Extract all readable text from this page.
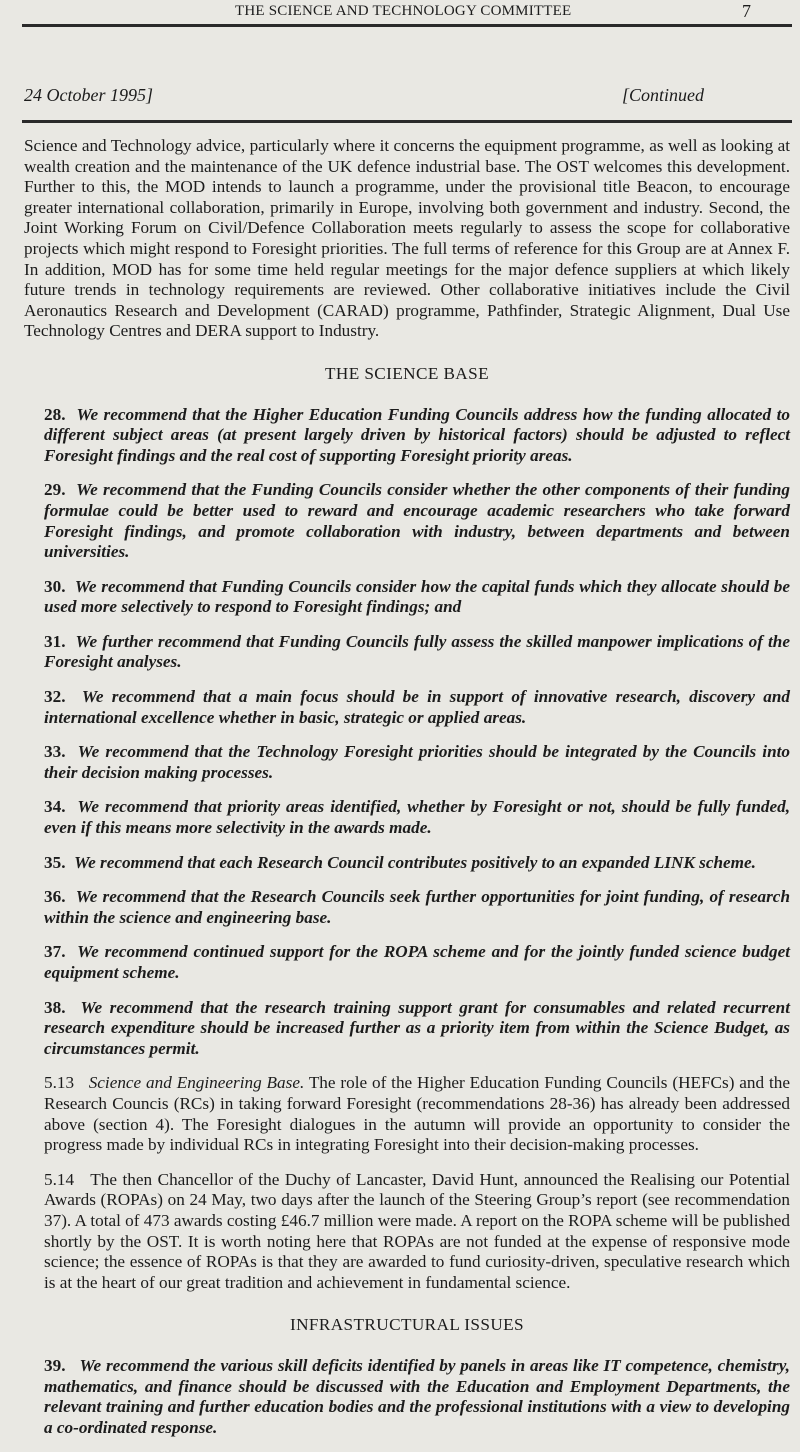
THE SCIENCE AND TECHNOLOGY COMMITTEE	7
24 October 1995]	[Continued

Science and Technology advice, particularly where it concerns the equipment programme, as well as looking at wealth creation and the maintenance of the UK defence industrial base. The OST welcomes this development. Further to this, the MOD intends to launch a programme, under the provisional title Beacon, to encourage greater international collaboration, primarily in Europe, involving both government and industry. Second, the Joint Working Forum on Civil/Defence Collaboration meets regularly to assess the scope for collaborative projects which might respond to Foresight priorities. The full terms of reference for this Group are at Annex F. In addition, MOD has for some time held regular meetings for the major defence suppliers at which likely future trends in technology requirements are reviewed. Other collaborative initiatives include the Civil Aeronautics Research and Development (CARAD) programme, Pathfinder, Strategic Alignment, Dual Use Technology Centres and DERA support to Industry.

THE SCIENCE BASE

28. We recommend that the Higher Education Funding Councils address how the funding allocated to different subject areas (at present largely driven by historical factors) should be adjusted to reflect Foresight findings and the real cost of supporting Foresight priority areas.

29. We recommend that the Funding Councils consider whether the other components of their funding formulae could be better used to reward and encourage academic researchers who take forward Foresight findings, and promote collaboration with industry, between departments and between universities.

30. We recommend that Funding Councils consider how the capital funds which they allocate should be used more selectively to respond to Foresight findings; and

31. We further recommend that Funding Councils fully assess the skilled manpower implications of the Foresight analyses.

32. We recommend that a main focus should be in support of innovative research, discovery and international excellence whether in basic, strategic or applied areas.

33. We recommend that the Technology Foresight priorities should be integrated by the Councils into their decision making processes.

34. We recommend that priority areas identified, whether by Foresight or not, should be fully funded, even if this means more selectivity in the awards made.

35. We recommend that each Research Council contributes positively to an expanded LINK scheme.

36. We recommend that the Research Councils seek further opportunities for joint funding, of research within the science and engineering base.

37. We recommend continued support for the ROPA scheme and for the jointly funded science budget equipment scheme.

38. We recommend that the research training support grant for consumables and related recurrent research expenditure should be increased further as a priority item from within the Science Budget, as circumstances permit.

5.13 Science and Engineering Base. The role of the Higher Education Funding Councils (HEFCs) and the Research Councis (RCs) in taking forward Foresight (recommendations 28-36) has already been addressed above (section 4). The Foresight dialogues in the autumn will provide an opportunity to consider the progress made by individual RCs in integrating Foresight into their decision-making processes.

5.14 The then Chancellor of the Duchy of Lancaster, David Hunt, announced the Realising our Potential Awards (ROPAs) on 24 May, two days after the launch of the Steering Group’s report (see recommendation 37). A total of 473 awards costing £46.7 million were made. A report on the ROPA scheme will be published shortly by the OST. It is worth noting here that ROPAs are not funded at the expense of responsive mode science; the essence of ROPAs is that they are awarded to fund curiosity-driven, speculative research which is at the heart of our great tradition and achievement in fundamental science.

INFRASTRUCTURAL ISSUES

39. We recommend the various skill deficits identified by panels in areas like IT competence, chemistry, mathematics, and finance should be discussed with the Education and Employment Departments, the relevant training and further education bodies and the professional institutions with a view to developing a co-ordinated response.
